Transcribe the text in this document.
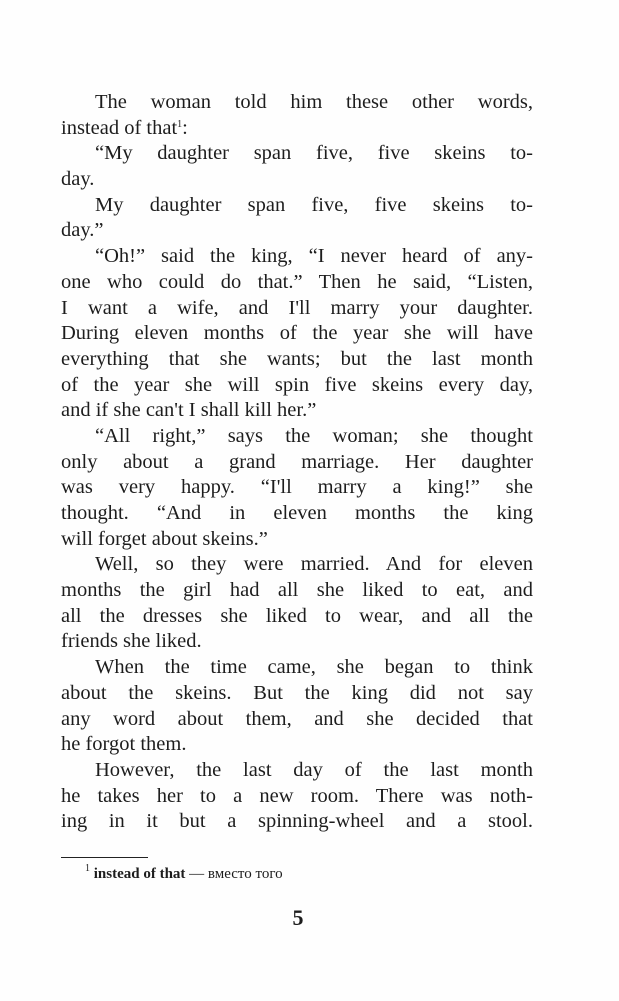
The woman told him these other words,
instead of that$^1$:
“My daughter span five, five skeins to-
day.
My daughter span five, five skeins to-
day.”
“Oh!” said the king, “I never heard of any-
one who could do that.” Then he said, “Listen,
I want a wife, and I'll marry your daughter.
During eleven months of the year she will have
everything that she wants; but the last month
of the year she will spin five skeins every day,
and if she can't I shall kill her.”
“All right,” says the woman; she thought
only about a grand marriage. Her daughter
was very happy. “I'll marry a king!” she
thought. “And in eleven months the king
will forget about skeins.”
Well, so they were married. And for eleven
months the girl had all she liked to eat, and
all the dresses she liked to wear, and all the
friends she liked.
When the time came, she began to think
about the skeins. But the king did not say
any word about them, and she decided that
he forgot them.
However, the last day of the last month
he takes her to a new room. There was noth-
ing in it but a spinning-wheel and a stool.
$^1$ instead of that — вместо того
5
